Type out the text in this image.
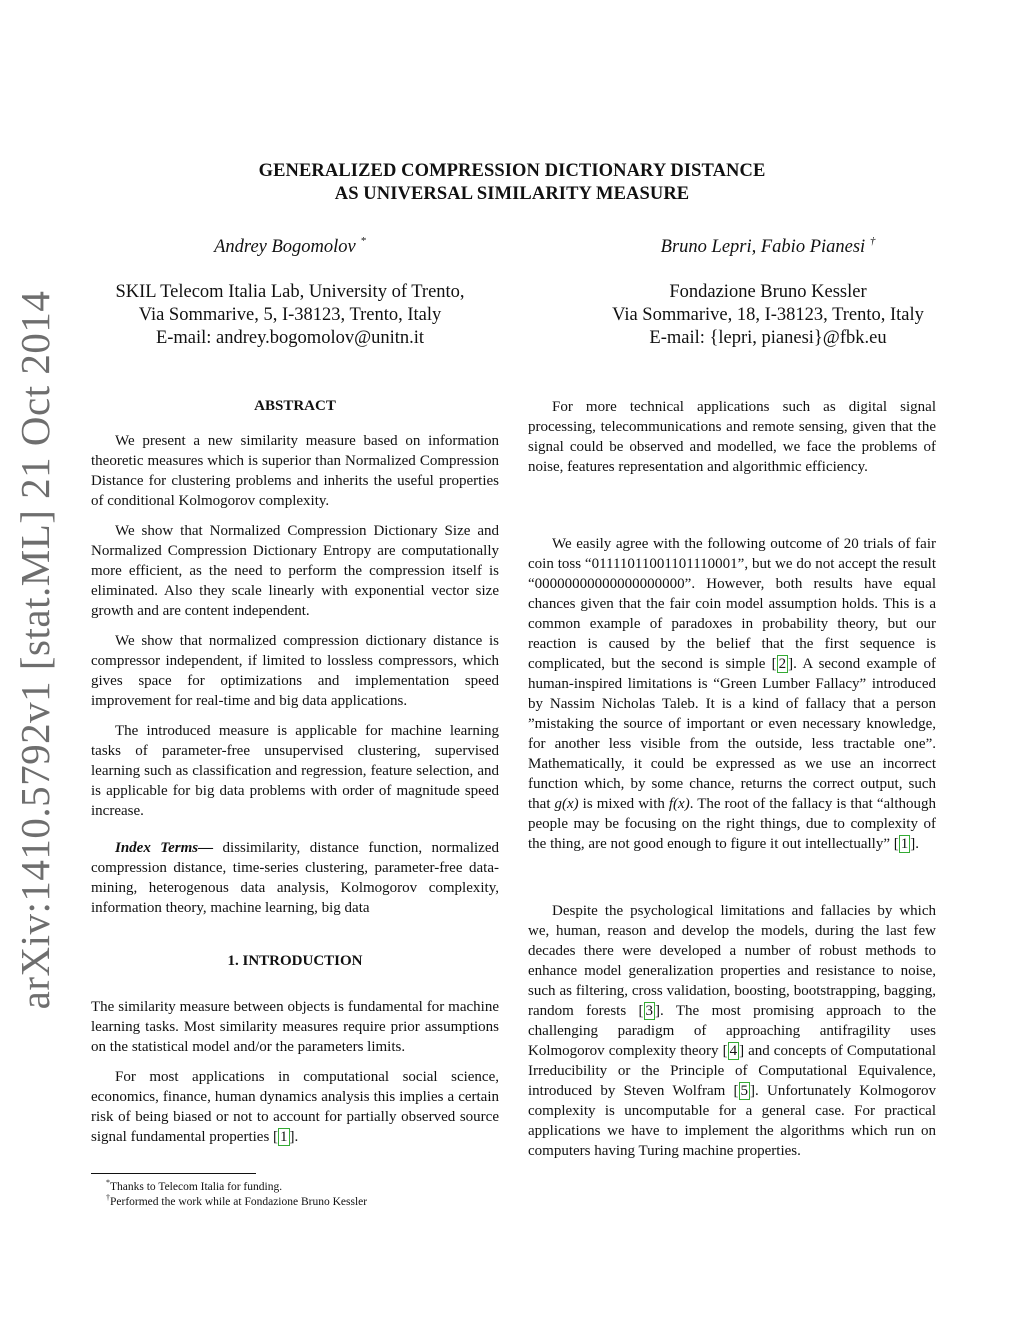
GENERALIZED COMPRESSION DICTIONARY DISTANCE
AS UNIVERSAL SIMILARITY MEASURE
Andrey Bogomolov *
SKIL Telecom Italia Lab, University of Trento,
Via Sommarive, 5, I-38123, Trento, Italy
E-mail: andrey.bogomolov@unitn.it
Bruno Lepri, Fabio Pianesi †
Fondazione Bruno Kessler
Via Sommarive, 18, I-38123, Trento, Italy
E-mail: {lepri, pianesi}@fbk.eu
arXiv:1410.5792v1 [stat.ML] 21 Oct 2014	ABSTRACT

We present a new similarity measure based on information theoretic measures which is superior than Normalized Compression Distance for clustering problems and inherits the useful properties of conditional Kolmogorov complexity.

We show that Normalized Compression Dictionary Size and Normalized Compression Dictionary Entropy are computationally more efficient, as the need to perform the compression itself is eliminated. Also they scale linearly with exponential vector size growth and are content independent.

We show that normalized compression dictionary distance is compressor independent, if limited to lossless compressors, which gives space for optimizations and implementation speed improvement for real-time and big data applications.

The introduced measure is applicable for machine learning tasks of parameter-free unsupervised clustering, supervised learning such as classification and regression, feature selection, and is applicable for big data problems with order of magnitude speed increase.

Index Terms— dissimilarity, distance function, normalized compression distance, time-series clustering, parameter-free data-mining, heterogenous data analysis, Kolmogorov complexity, information theory, machine learning, big data

1. INTRODUCTION

The similarity measure between objects is fundamental for machine learning tasks. Most similarity measures require prior assumptions on the statistical model and/or the parameters limits.

For most applications in computational social science, economics, finance, human dynamics analysis this implies a certain risk of being biased or not to account for partially observed source signal fundamental properties [ 1 ].

*Thanks to Telecom Italia for funding.
†Performed the work while at Fondazione Bruno Kessler

For more technical applications such as digital signal processing, telecommunications and remote sensing, given that the signal could be observed and modelled, we face the problems of noise, features representation and algorithmic efficiency.

We easily agree with the following outcome of 20 trials of fair coin toss “01111011001101110001”, but we do not accept the result “00000000000000000000”. However, both results have equal chances given that the fair coin model assumption holds. This is a common example of paradoxes in probability theory, but our reaction is caused by the belief that the first sequence is complicated, but the second is simple [ 2 ]. A second example of human-inspired limitations is “Green Lumber Fallacy” introduced by Nassim Nicholas Taleb. It is a kind of fallacy that a person ”mistaking the source of important or even necessary knowledge, for another less visible from the outside, less tractable one”. Mathematically, it could be expressed as we use an incorrect function which, by some chance, returns the correct output, such that g(x) is mixed with f(x). The root of the fallacy is that “although people may be focusing on the right things, due to complexity of the thing, are not good enough to figure it out intellectually” [ 1 ].

Despite the psychological limitations and fallacies by which we, human, reason and develop the models, during the last few decades there were developed a number of robust methods to enhance model generalization properties and resistance to noise, such as filtering, cross validation, boosting, bootstrapping, bagging, random forests [ 3 ]. The most promising approach to the challenging paradigm of approaching antifragility uses Kolmogorov complexity theory [ 4 ] and concepts of Computational Irreducibility or the Principle of Computational Equivalence, introduced by Steven Wolfram [ 5 ]. Unfortunately Kolmogorov complexity is uncomputable for a general case. For practical applications we have to implement the algorithms which run on computers having Turing machine properties.
